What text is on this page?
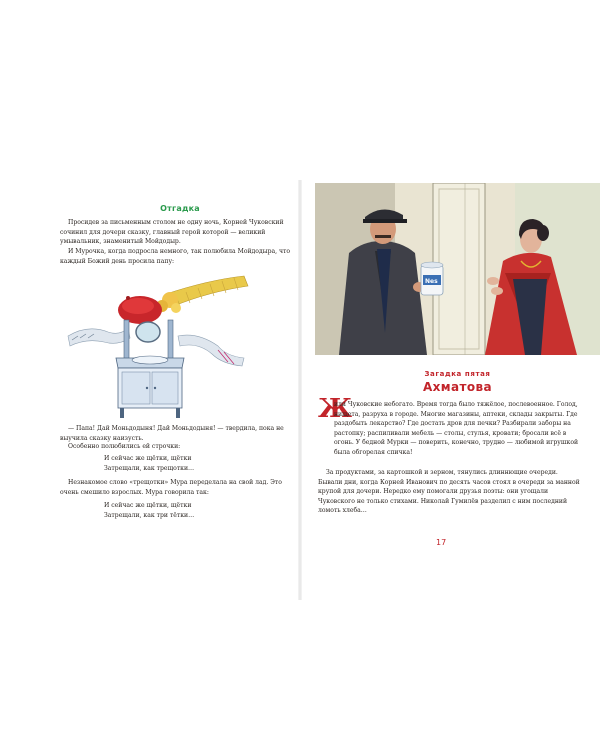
Отгадка

Просидев за письменным столом не одну ночь, Корней Чуковский сочинил для дочери сказку, главный герой которой — великий умывальник, знаменитый Мойдодыр.

И Мурочка, когда подросла немного, так полюбила Мойдодыра, что каждый Божий день просила папу:

— Папа! Дай Моньдодыня! Дай Моньдодыня! — твердила, пока не выучила сказку наизусть.

Особенно полюбились ей строчки:

И сейчас же щётки, щётки
Затрещали, как трещотки…

Незнакомое слово «трещотки» Мура переделала на свой лад. Это очень смешило взрослых. Мура говорила так:

И сейчас же щётки, щётки
Затрещали, как три тётки…
Nes
Загадка пятая
Ахматова
Ж

или Чуковские небогато. Время тогда было тяжёлое, послевоенное. Голод, нищета, разруха в городе. Многие магазины, аптеки, склады закрыты. Где раздобыть лекарство? Где достать дров для печки? Разбирали заборы на растопку; распиливали мебель — столы, стулья, кровати; бросали всё в огонь. У бедной Мурки — поверить, конечно, трудно — любимой игрушкой была обгорелая спичка!

За продуктами, за картошкой и зерном, тянулись длиннющие очереди. Бывали дни, когда Корней Иванович по десять часов стоял в очереди за манной крупой для дочери. Нередко ему помогали друзья поэты: они угощали Чуковского не только стихами. Николай Гумилёв разделил с ним последний ломоть хлеба…

17
